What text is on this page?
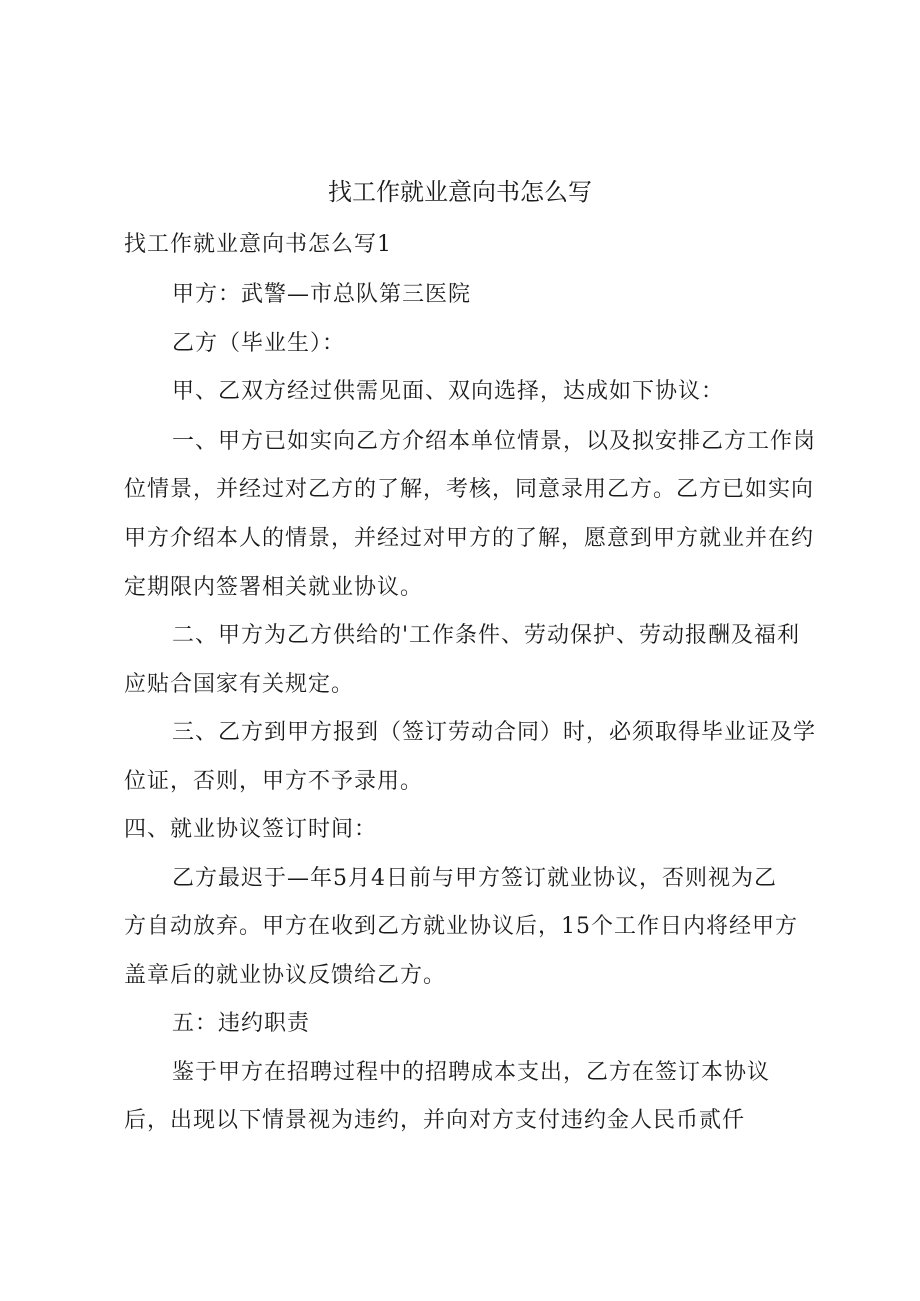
找工作就业意向书怎么写
找工作就业意向书怎么写1
甲方：武警—市总队第三医院
乙方（毕业生）：
甲、乙双方经过供需见面、双向选择，达成如下协议：
一、甲方已如实向乙方介绍本单位情景，以及拟安排乙方工作岗
位情景，并经过对乙方的了解，考核，同意录用乙方。乙方已如实向
甲方介绍本人的情景，并经过对甲方的了解，愿意到甲方就业并在约
定期限内签署相关就业协议。
二、甲方为乙方供给的'工作条件、劳动保护、劳动报酬及福利
应贴合国家有关规定。
三、乙方到甲方报到（签订劳动合同）时，必须取得毕业证及学
位证，否则，甲方不予录用。
四、就业协议签订时间：
乙方最迟于—年5月4日前与甲方签订就业协议，否则视为乙
方自动放弃。甲方在收到乙方就业协议后，15个工作日内将经甲方
盖章后的就业协议反馈给乙方。
五：违约职责
鉴于甲方在招聘过程中的招聘成本支出，乙方在签订本协议
后，出现以下情景视为违约，并向对方支付违约金人民币贰仟
